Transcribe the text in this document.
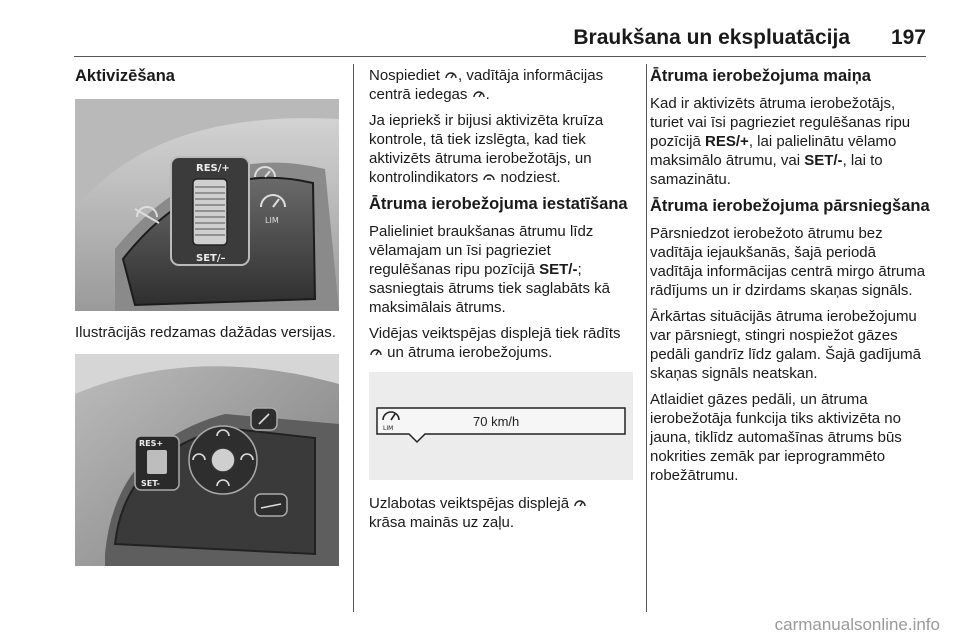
Braukšana un ekspluatācija	197
Aktivizēšana
RES/+
SET/–
LIM

Ilustrācijās redzamas dažādas versijas.

RES+
SET-

Nospiediet , vadītāja informācijas centrā iedegas .

Ja iepriekš ir bijusi aktivizēta kruīza kontrole, tā tiek izslēgta, kad tiek aktivizēts ātruma ierobežotājs, un kontrolindikators  nodziest.

Ātruma ierobežojuma iestatīšana

Palieliniet braukšanas ātrumu līdz vēlamajam un īsi pagrieziet regulēšanas ripu pozīcijā SET/-; sasniegtais ātrums tiek saglabāts kā maksimālais ātrums.

Vidējas veiktspējas displejā tiek rādīts  un ātruma ierobežojums.

LIM	70 km/h

Uzlabotas veiktspējas displejā
krāsa mainās uz zaļu.

Ātruma ierobežojuma maiņa

Kad ir aktivizēts ātruma ierobežotājs, turiet vai īsi pagrieziet regulēšanas ripu pozīcijā RES/+, lai palielinātu vēlamo maksimālo ātrumu, vai SET/-, lai to samazinātu.

Ātruma ierobežojuma pārsniegšana

Pārsniedzot ierobežoto ātrumu bez vadītāja iejaukšanās, šajā periodā vadītāja informācijas centrā mirgo ātruma rādījums un ir dzirdams skaņas signāls.

Ārkārtas situācijās ātruma ierobežojumu var pārsniegt, stingri nospiežot gāzes pedāli gandrīz līdz galam. Šajā gadījumā skaņas signāls neatskan.

Atlaidiet gāzes pedāli, un ātruma ierobežotāja funkcija tiks aktivizēta no jauna, tiklīdz automašīnas ātrums būs nokrities zemāk par ieprogrammēto robežātrumu.

carmanualsonline.info
